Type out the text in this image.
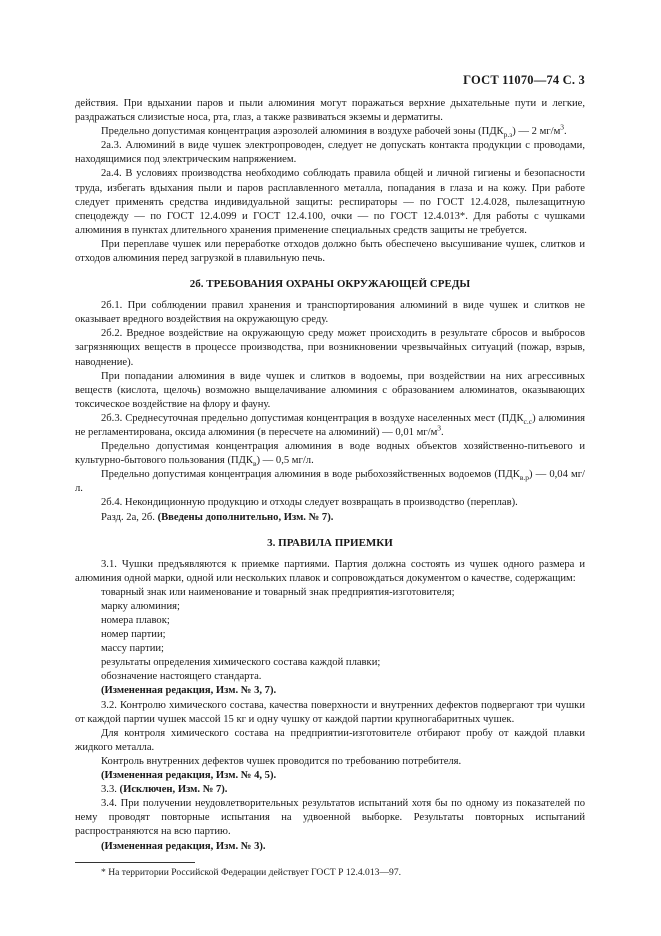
ГОСТ 11070—74 С. 3

действия. При вдыхании паров и пыли алюминия могут поражаться верхние дыхательные пути и легкие, раздражаться слизистые носа, рта, глаз, а также развиваться экземы и дерматиты.

Предельно допустимая концентрация аэрозолей алюминия в воздухе рабочей зоны $(ПДК_{р.з})$ — 2 $мг/м^3$.

2а.3. Алюминий в виде чушек электропроводен, следует не допускать контакта продукции с проводами, находящимися под электрическим напряжением.

2а.4. В условиях производства необходимо соблюдать правила общей и личной гигиены и безопасности труда, избегать вдыхания пыли и паров расплавленного металла, попадания в глаза и на кожу. При работе следует применять средства индивидуальной защиты: респираторы — по ГОСТ 12.4.028, пылезащитную спецодежду — по ГОСТ 12.4.099 и ГОСТ 12.4.100, очки — по ГОСТ 12.4.013*. Для работы с чушками алюминия в пунктах длительного хранения применение специальных средств защиты не требуется.

При переплаве чушек или переработке отходов должно быть обеспечено высушивание чушек, слитков и отходов алюминия перед загрузкой в плавильную печь.

2б. ТРЕБОВАНИЯ ОХРАНЫ ОКРУЖАЮЩЕЙ СРЕДЫ

2б.1. При соблюдении правил хранения и транспортирования алюминий в виде чушек и слитков не оказывает вредного воздействия на окружающую среду.

2б.2. Вредное воздействие на окружающую среду может происходить в результате сбросов и выбросов загрязняющих веществ в процессе производства, при возникновении чрезвычайных ситуаций (пожар, взрыв, наводнение).

При попадании алюминия в виде чушек и слитков в водоемы, при воздействии на них агрессивных веществ (кислота, щелочь) возможно выщелачивание алюминия с образованием алюминатов, оказывающих токсическое воздействие на флору и фауну.

2б.3. Среднесуточная предельно допустимая концентрация в воздухе населенных мест $(ПДК_{с.с})$ алюминия не регламентирована, оксида алюминия (в пересчете на алюминий) — 0,01 $мг/м^3$.

Предельно допустимая концентрация алюминия в воде водных объектов хозяйственно-питьевого и культурно-бытового пользования $(ПДК_в)$ — 0,5 мг/л.

Предельно допустимая концентрация алюминия в воде рыбохозяйственных водоемов $(ПДК_{в.р})$ — 0,04 мг/л.

2б.4. Некондиционную продукцию и отходы следует возвращать в производство (переплав).

Разд. 2а, 2б. (Введены дополнительно, Изм. № 7).

3. ПРАВИЛА ПРИЕМКИ

3.1. Чушки предъявляются к приемке партиями. Партия должна состоять из чушек одного размера и алюминия одной марки, одной или нескольких плавок и сопровождаться документом о качестве, содержащим:

товарный знак или наименование и товарный знак предприятия-изготовителя;

марку алюминия;

номера плавок;

номер партии;

массу партии;

результаты определения химического состава каждой плавки;

обозначение настоящего стандарта.

(Измененная редакция, Изм. № 3, 7).

3.2. Контролю химического состава, качества поверхности и внутренних дефектов подвергают три чушки от каждой партии чушек массой 15 кг и одну чушку от каждой партии крупногабаритных чушек.

Для контроля химического состава на предприятии-изготовителе отбирают пробу от каждой плавки жидкого металла.

Контроль внутренних дефектов чушек проводится по требованию потребителя.

(Измененная редакция, Изм. № 4, 5).

3.3. (Исключен, Изм. № 7).

3.4. При получении неудовлетворительных результатов испытаний хотя бы по одному из показателей по нему проводят повторные испытания на удвоенной выборке. Результаты повторных испытаний распространяются на всю партию.

(Измененная редакция, Изм. № 3).

* На территории Российской Федерации действует ГОСТ Р 12.4.013—97.
